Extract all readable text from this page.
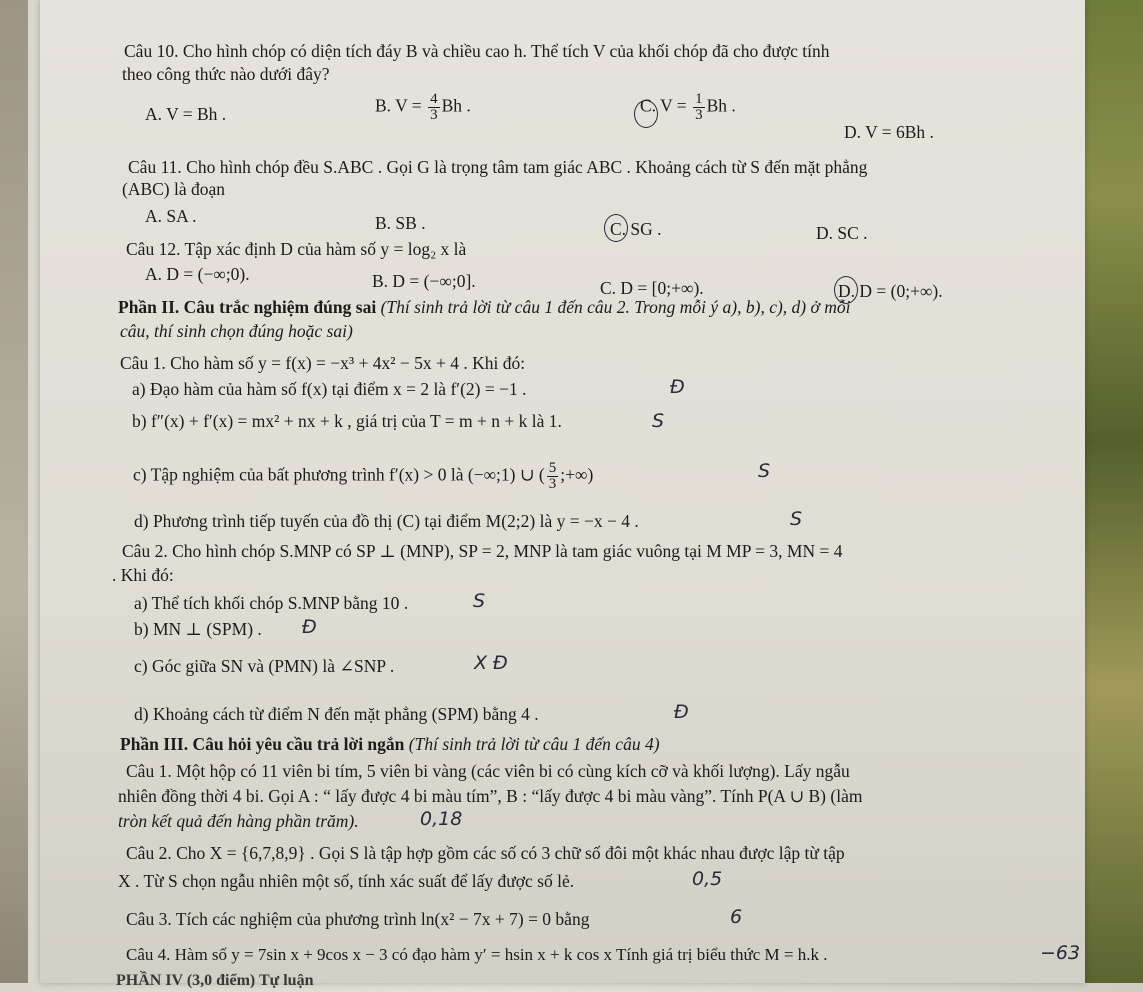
Câu 10. Cho hình chóp có diện tích đáy B và chiều cao h. Thể tích V của khối chóp đã cho được tính
theo công thức nào dưới đây?
A. V = Bh .	B. $V = \frac{4}{3}$ Bh .	C. $V = \frac{1}{3}$ Bh .
D. V = 6Bh .
Câu 11. Cho hình chóp đều S.ABC . Gọi G là trọng tâm tam giác ABC . Khoảng cách từ S đến mặt phẳng
(ABC) là đoạn
A. SA .	B. SB .	C. SG .	D. SC .
Câu 12. Tập xác định D của hàm số y = log₂ x là
A. D = (−∞;0).	B. D = (−∞;0].	C. D = [0;+∞).	D. D = (0;+∞).
Phần II. Câu trắc nghiệm đúng sai (Thí sinh trả lời từ câu 1 đến câu 2. Trong mỗi ý a), b), c), d) ở mỗi
câu, thí sinh chọn đúng hoặc sai)
Câu 1. Cho hàm số y = f(x) = −x³ + 4x² − 5x + 4 . Khi đó:
a) Đạo hàm của hàm số f(x) tại điểm x = 2 là f′(2) = −1 .	Đ
b) f″(x) + f′(x) = mx² + nx + k , giá trị của T = m + n + k là 1.	S
c) Tập nghiệm của bất phương trình f′(x) > 0 là (−∞;1) ∪ ( $\frac{5}{3}$ ;+∞)	S
d) Phương trình tiếp tuyến của đồ thị (C) tại điểm M(2;2) là y = −x − 4 .	S
Câu 2. Cho hình chóp S.MNP có SP ⊥ (MNP), SP = 2, MNP là tam giác vuông tại M MP = 3, MN = 4
. Khi đó:
a) Thể tích khối chóp S.MNP bằng 10 .	S
b) MN ⊥ (SPM) . Đ
c) Góc giữa SN và (PMN) là ∠SNP .	X Đ
d) Khoảng cách từ điểm N đến mặt phẳng (SPM) bằng 4 .	Đ
Phần III. Câu hỏi yêu cầu trả lời ngắn (Thí sinh trả lời từ câu 1 đến câu 4)
Câu 1. Một hộp có 11 viên bi tím, 5 viên bi vàng (các viên bi có cùng kích cỡ và khối lượng). Lấy ngẫu
nhiên đồng thời 4 bi. Gọi A : “ lấy được 4 bi màu tím”, B : “lấy được 4 bi màu vàng”. Tính P(A ∪ B) (làm
tròn kết quả đến hàng phần trăm).	0,18
Câu 2. Cho X = {6,7,8,9} . Gọi S là tập hợp gồm các số có 3 chữ số đôi một khác nhau được lập từ tập
X . Từ S chọn ngẫu nhiên một số, tính xác suất để lấy được số lẻ.	0,5
Câu 3. Tích các nghiệm của phương trình ln(x² − 7x + 7) = 0 bằng	6
Câu 4. Hàm số y = 7sin x + 9cos x − 3 có đạo hàm y′ = hsin x + k cos x Tính giá trị biểu thức M = h.k .	−63
PHẦN IV (3,0 điểm) Tự luận
